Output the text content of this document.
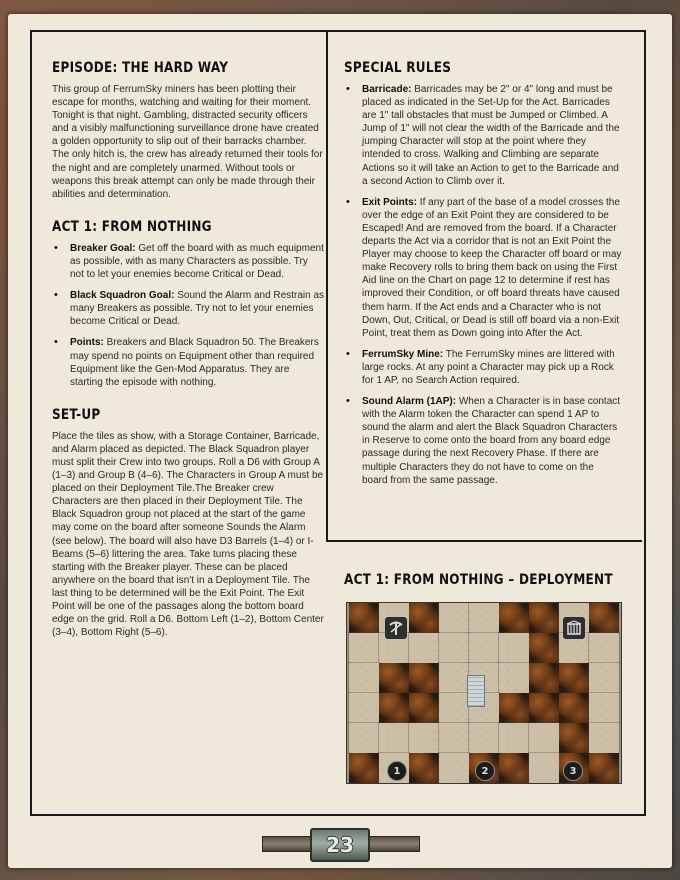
EPISODE: THE HARD WAY

This group of FerrumSky miners has been plotting their escape for months, watching and waiting for their moment. Tonight is that night. Gambling, distracted security officers and a visibly malfunctioning surveillance drone have created a golden opportunity to slip out of their barracks chamber. The only hitch is, the crew has already returned their tools for the night and are completely unarmed. Without tools or weapons this break attempt can only be made through their abilities and determination.

ACT 1: FROM NOTHING
• Breaker Goal: Get off the board with as much equipment as possible, with as many Characters as possible. Try not to let your enemies become Critical or Dead.
• Black Squadron Goal: Sound the Alarm and Restrain as many Breakers as possible. Try not to let your enemies become Critical or Dead.
• Points: Breakers and Black Squadron 50. The Breakers may spend no points on Equipment other than required Equipment like the Gen-Mod Apparatus. They are starting the episode with nothing.
SET-UP

Place the tiles as show, with a Storage Container, Barricade, and Alarm placed as depicted. The Black Squadron player must split their Crew into two groups. Roll a D6 with Group A (1–3) and Group B (4–6). The Characters in Group A must be placed on their Deployment Tile.The Breaker crew Characters are then placed in their Deployment Tile. The Black Squadron group not placed at the start of the game may come on the board after someone Sounds the Alarm (see below). The board will also have D3 Barrels (1–4) or I-Beams (5–6) littering the area. Take turns placing these starting with the Breaker player. These can be placed anywhere on the board that isn't in a Deployment Tile. The last thing to be determined will be the Exit Point. The Exit Point will be one of the passages along the bottom board edge on the grid. Roll a D6. Bottom Left (1–2), Bottom Center (3–4), Bottom Right (5–6).

SPECIAL RULES
• Barricade: Barricades may be 2" or 4" long and must be placed as indicated in the Set-Up for the Act. Barricades are 1" tall obstacles that must be Jumped or Climbed. A Jump of 1" will not clear the width of the Barricade and the jumping Character will stop at the point where they intended to cross. Walking and Climbing are separate Actions so it will take an Action to get to the Barricade and a second Action to Climb over it.
• Exit Points: If any part of the base of a model crosses the over the edge of an Exit Point they are considered to be Escaped! And are removed from the board. If a Character departs the Act via a corridor that is not an Exit Point the Player may choose to keep the Character off board or may make Recovery rolls to bring them back on using the First Aid line on the Chart on page 12 to determine if rest has improved their Condition, or off board threats have caused them harm. If the Act ends and a Character who is not Down, Out, Critical, or Dead is still off board via a non-Exit Point, treat them as Down going into After the Act.
• FerrumSky Mine: The FerrumSky mines are littered with large rocks. At any point a Character may pick up a Rock for 1 AP, no Search Action required.
• Sound Alarm (1AP): When a Character is in base contact with the Alarm token the Character can spend 1 AP to sound the alarm and alert the Black Squadron Characters in Reserve to come onto the board from any board edge passage during the next Recovery Phase. If there are multiple Characters they do not have to come on the board from the same passage.
ACT 1: FROM NOTHING – DEPLOYMENT
1	2	3
23
